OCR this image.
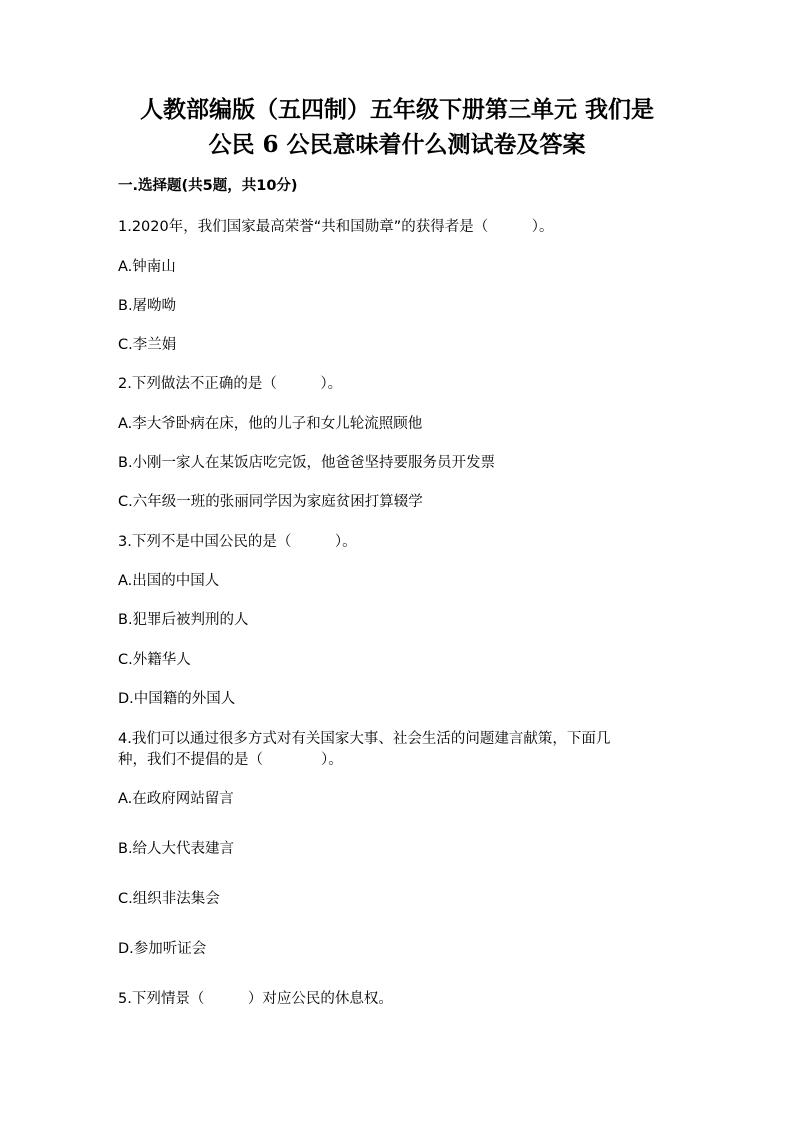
人教部编版（五四制）五年级下册第三单元 我们是
公民 6 公民意味着什么测试卷及答案
一.选择题(共5题，共10分)
1.2020年，我们国家最高荣誉“共和国勋章”的获得者是（　　　）。
A.钟南山
B.屠呦呦
C.李兰娟
2.下列做法不正确的是（　　　）。
A.李大爷卧病在床，他的儿子和女儿轮流照顾他
B.小刚一家人在某饭店吃完饭，他爸爸坚持要服务员开发票
C.六年级一班的张丽同学因为家庭贫困打算辍学
3.下列不是中国公民的是（　　　）。
A.出国的中国人
B.犯罪后被判刑的人
C.外籍华人
D.中国籍的外国人
4.我们可以通过很多方式对有关国家大事、社会生活的问题建言献策，下面几
种，我们不提倡的是（　　　　）。
A.在政府网站留言
B.给人大代表建言
C.组织非法集会
D.参加听证会
5.下列情景（　　　）对应公民的休息权。
